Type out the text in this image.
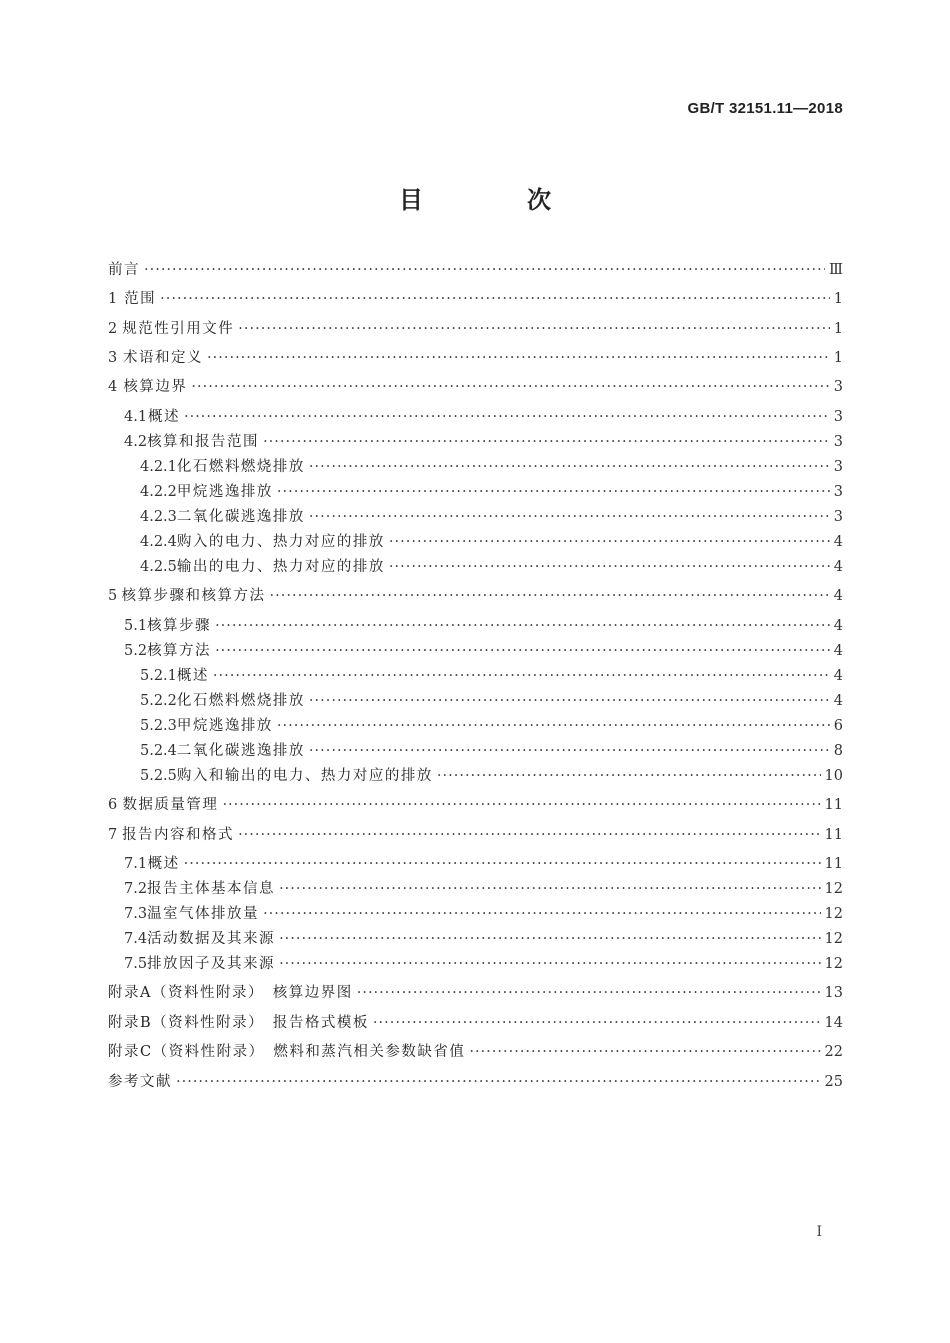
GB/T 32151.11—2018
目　次
前言 ·····	Ⅲ
1 范围 ·····	1
2 规范性引用文件 ·····	1
3 术语和定义 ·····	1
4 核算边界 ·····	3
4.1 概述 ·····	3
4.2 核算和报告范围 ·····	3
4.2.1 化石燃料燃烧排放 ·····	3
4.2.2 甲烷逃逸排放 ·····	3
4.2.3 二氧化碳逃逸排放 ·····	3
4.2.4 购入的电力、热力对应的排放 ·····	4
4.2.5 输出的电力、热力对应的排放 ·····	4
5 核算步骤和核算方法 ·····	4
5.1 核算步骤 ·····	4
5.2 核算方法 ·····	4
5.2.1 概述 ·····	4
5.2.2 化石燃料燃烧排放 ·····	4
5.2.3 甲烷逃逸排放 ·····	6
5.2.4 二氧化碳逃逸排放 ·····	8
5.2.5 购入和输出的电力、热力对应的排放 ·····	10
6 数据质量管理 ·····	11
7 报告内容和格式 ·····	11
7.1 概述 ·····	11
7.2 报告主体基本信息 ·····	12
7.3 温室气体排放量 ·····	12
7.4 活动数据及其来源 ·····	12
7.5 排放因子及其来源 ·····	12
附录A（资料性附录）　核算边界图 ·····	13
附录B（资料性附录）　报告格式模板 ·····	14
附录C（资料性附录）　燃料和蒸汽相关参数缺省值 ·····	22
参考文献 ·····	25
Ⅰ
